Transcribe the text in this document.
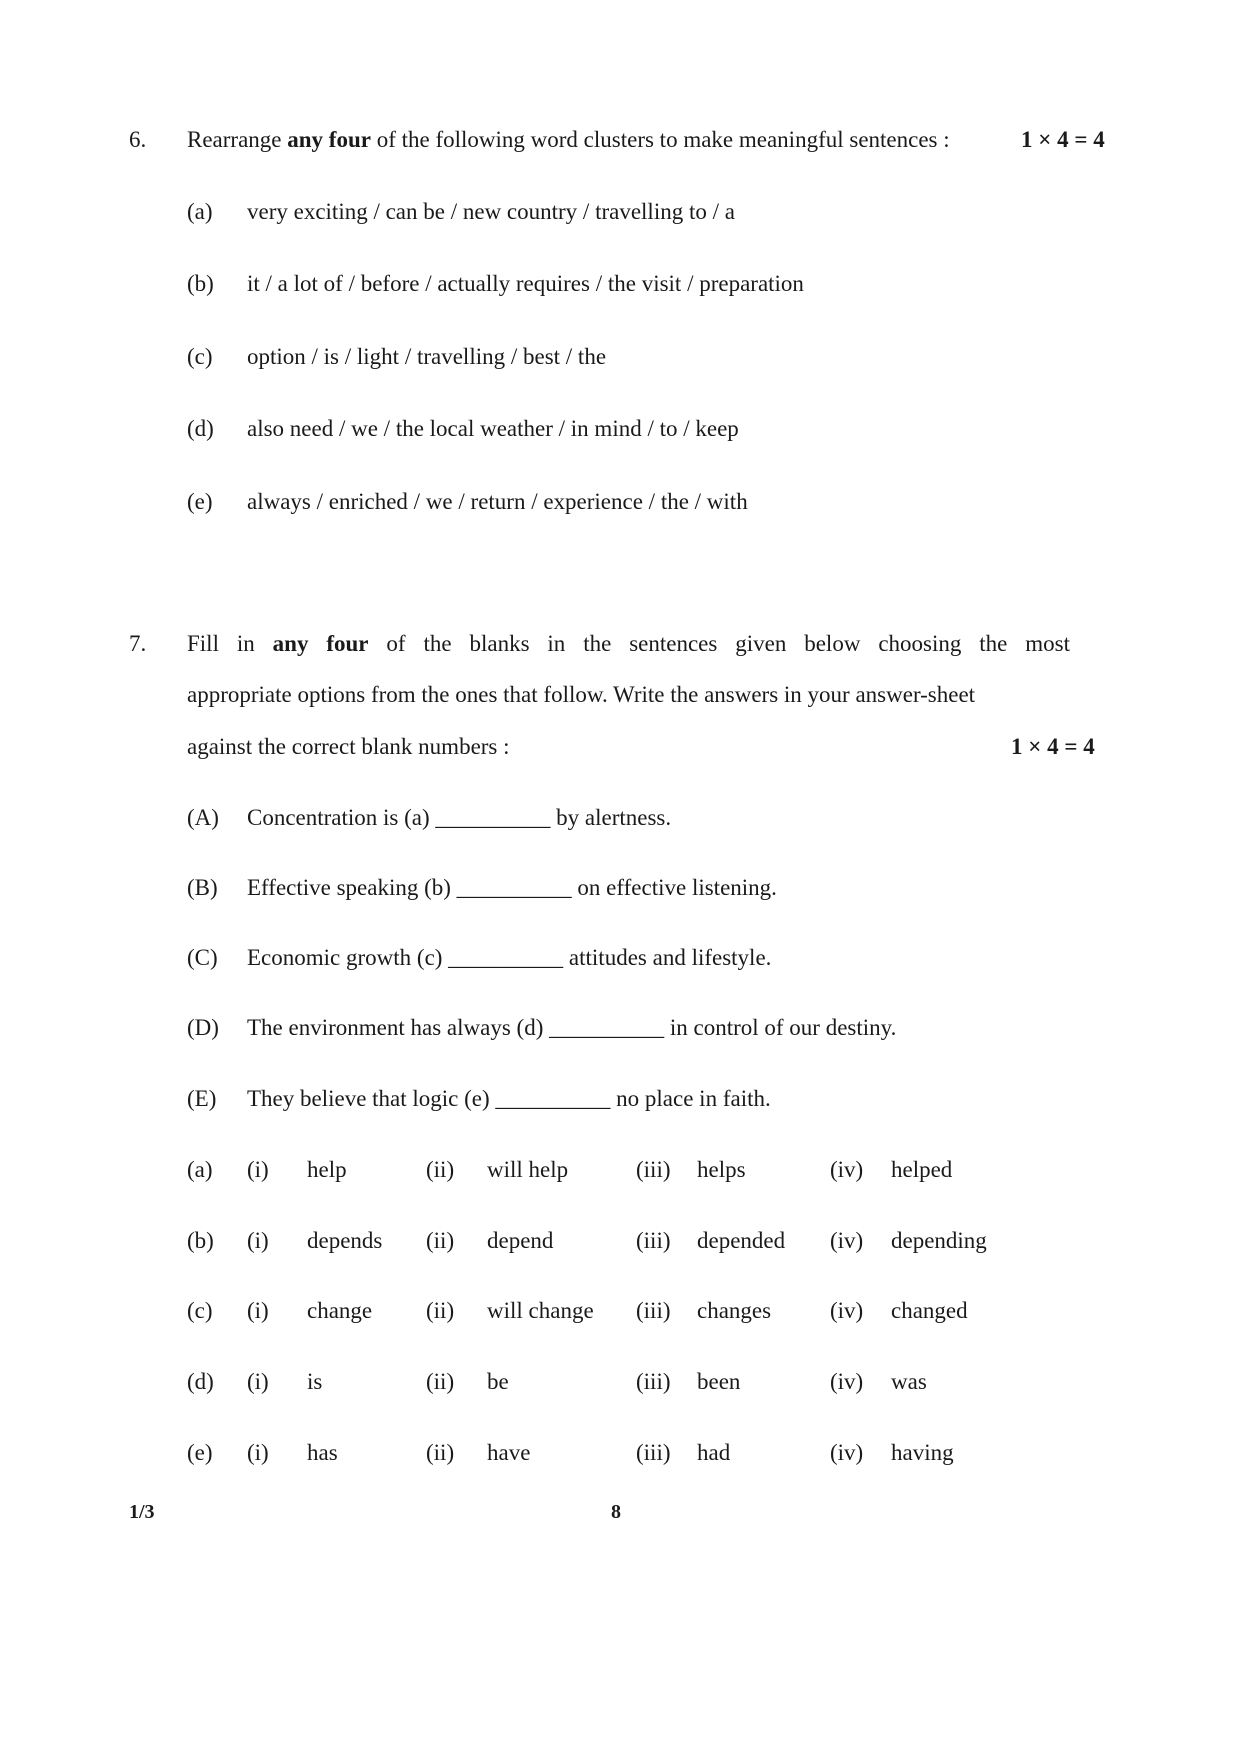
6. Rearrange any four of the following word clusters to make meaningful sentences :	1 × 4 = 4
(a) very exciting / can be / new country / travelling to / a
(b) it / a lot of / before / actually requires / the visit / preparation
(c) option / is / light / travelling / best / the
(d) also need / we / the local weather / in mind / to / keep
(e) always / enriched / we / return / experience / the / with
7. Fill in any four of the blanks in the sentences given below choosing the most
appropriate options from the ones that follow. Write the answers in your answer-sheet
against the correct blank numbers :	1 × 4 = 4
(A) Concentration is (a) __________ by alertness.
(B) Effective speaking (b) __________ on effective listening.
(C) Economic growth (c) __________ attitudes and lifestyle.
(D) The environment has always (d) __________ in control of our destiny.
(E) They believe that logic (e) __________ no place in faith.
(a) (i) help	(ii) will help	(iii) helps	(iv) helped
(b) (i) depends (ii) depend	(iii) depended (iv) depending
(c) (i) change (ii) will change (iii) changes	(iv) changed
(d) (i) is	(ii) be	(iii) been	(iv) was
(e) (i) has	(ii) have	(iii) had	(iv) having
1/3	8
